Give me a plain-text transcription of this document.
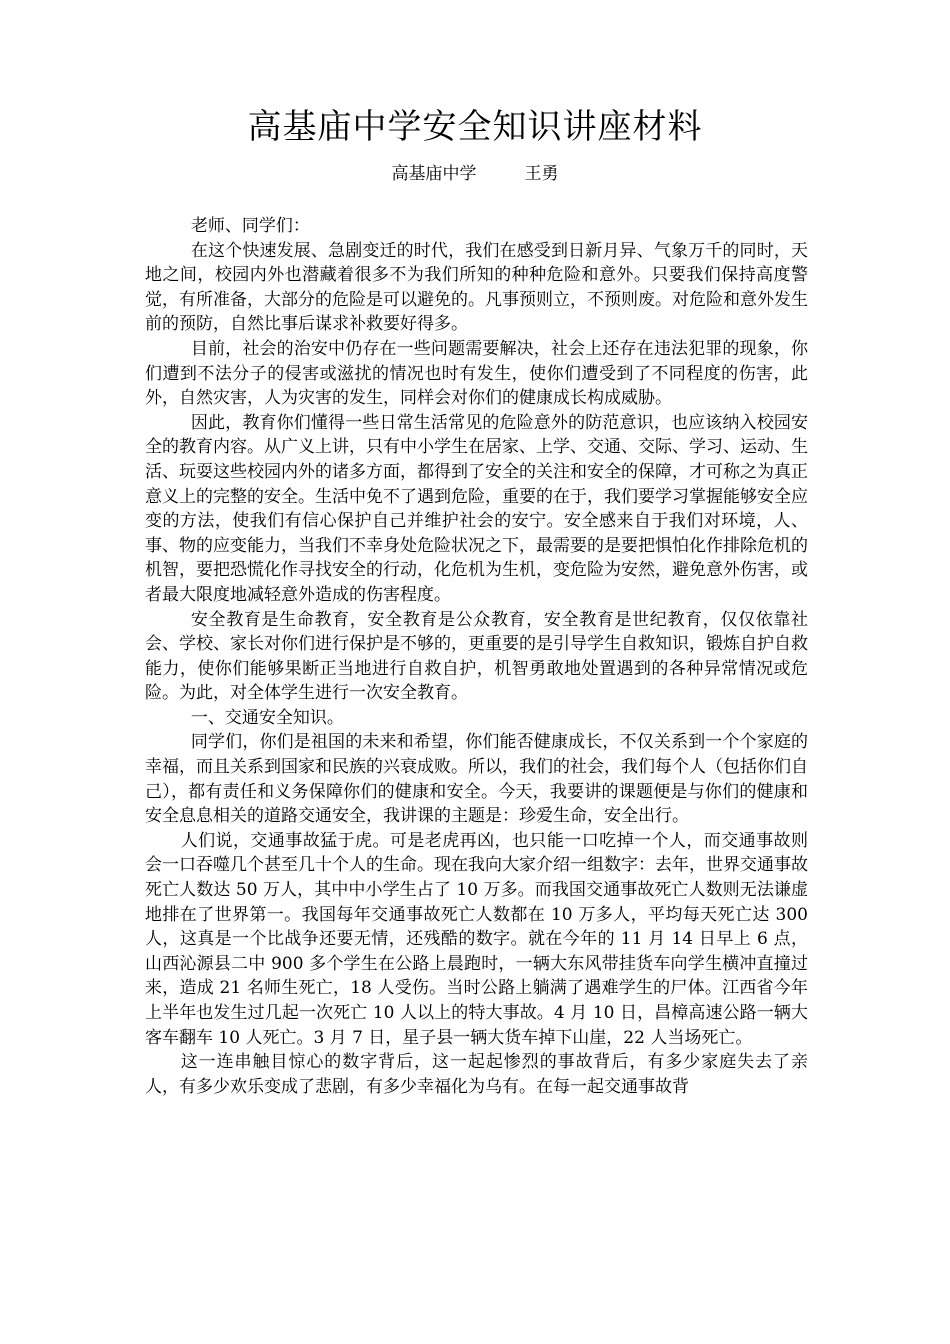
高基庙中学安全知识讲座材料
高基庙中学	王勇

老师、同学们：

在这个快速发展、急剧变迁的时代，我们在感受到日新月异、气象万千的同时，天地之间，校园内外也潜藏着很多不为我们所知的种种危险和意外。只要我们保持高度警觉，有所准备，大部分的危险是可以避免的。凡事预则立，不预则废。对危险和意外发生前的预防，自然比事后谋求补救要好得多。

目前，社会的治安中仍存在一些问题需要解决，社会上还存在违法犯罪的现象，你们遭到不法分子的侵害或滋扰的情况也时有发生，使你们遭受到了不同程度的伤害，此外，自然灾害，人为灾害的发生，同样会对你们的健康成长构成威胁。

因此，教育你们懂得一些日常生活常见的危险意外的防范意识，也应该纳入校园安全的教育内容。从广义上讲，只有中小学生在居家、上学、交通、交际、学习、运动、生活、玩耍这些校园内外的诸多方面，都得到了安全的关注和安全的保障，才可称之为真正意义上的完整的安全。生活中免不了遇到危险，重要的在于，我们要学习掌握能够安全应变的方法，使我们有信心保护自己并维护社会的安宁。安全感来自于我们对环境，人、事、物的应变能力，当我们不幸身处危险状况之下，最需要的是要把惧怕化作排除危机的机智，要把恐慌化作寻找安全的行动，化危机为生机，变危险为安然，避免意外伤害，或者最大限度地减轻意外造成的伤害程度。

安全教育是生命教育，安全教育是公众教育，安全教育是世纪教育，仅仅依靠社会、学校、家长对你们进行保护是不够的，更重要的是引导学生自救知识，锻炼自护自救能力，使你们能够果断正当地进行自救自护，机智勇敢地处置遇到的各种异常情况或危险。为此，对全体学生进行一次安全教育。

一、交通安全知识。

同学们，你们是祖国的未来和希望，你们能否健康成长，不仅关系到一个个家庭的幸福，而且关系到国家和民族的兴衰成败。所以，我们的社会，我们每个人（包括你们自己），都有责任和义务保障你们的健康和安全。今天，我要讲的课题便是与你们的健康和安全息息相关的道路交通安全，我讲课的主题是：珍爱生命，安全出行。

人们说，交通事故猛于虎。可是老虎再凶，也只能一口吃掉一个人，而交通事故则会一口吞噬几个甚至几十个人的生命。现在我向大家介绍一组数字：去年，世界交通事故死亡人数达 50 万人，其中中小学生占了 10 万多。而我国交通事故死亡人数则无法谦虚地排在了世界第一。我国每年交通事故死亡人数都在 10 万多人，平均每天死亡达 300 人，这真是一个比战争还要无情，还残酷的数字。就在今年的 11 月 14 日早上 6 点，山西沁源县二中 900 多个学生在公路上晨跑时，一辆大东风带挂货车向学生横冲直撞过来，造成 21 名师生死亡，18 人受伤。当时公路上躺满了遇难学生的尸体。江西省今年上半年也发生过几起一次死亡 10 人以上的特大事故。4 月 10 日，昌樟高速公路一辆大客车翻车 10 人死亡。3 月 7 日，星子县一辆大货车掉下山崖，22 人当场死亡。

这一连串触目惊心的数字背后，这一起起惨烈的事故背后，有多少家庭失去了亲人，有多少欢乐变成了悲剧，有多少幸福化为乌有。在每一起交通事故背
